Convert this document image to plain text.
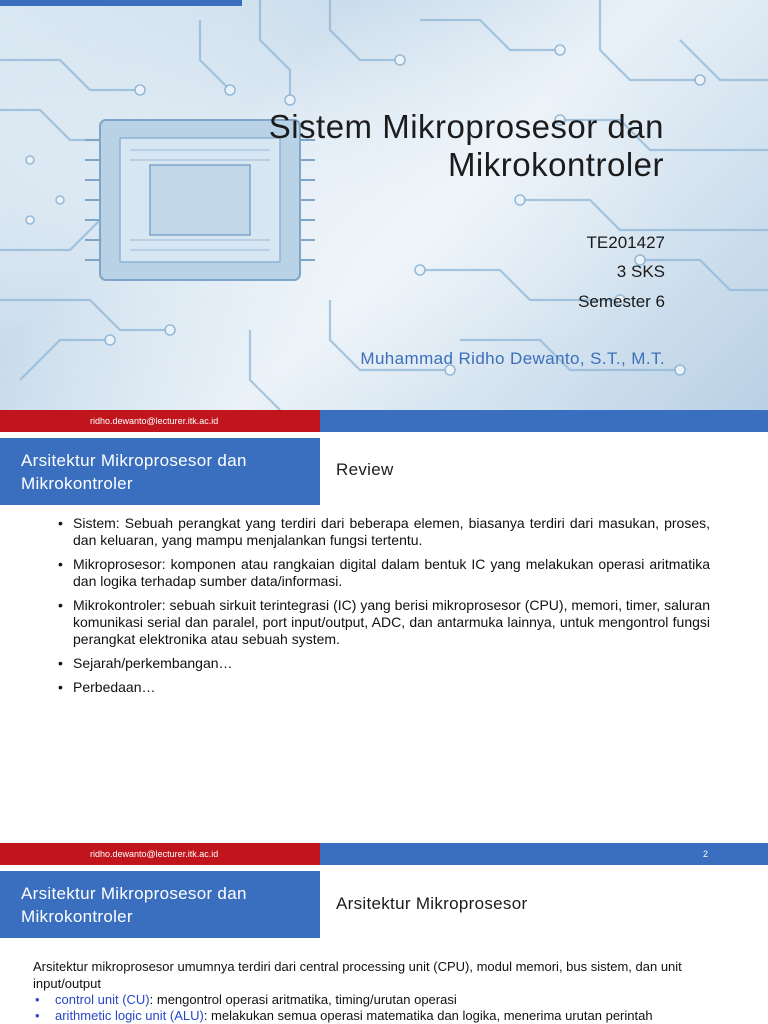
Sistem Mikroprosesor dan
Mikrokontroler
TE201427
3 SKS
Semester 6
Muhammad Ridho Dewanto, S.T., M.T.
ridho.dewanto@lecturer.itk.ac.id
Arsitektur Mikroprosesor dan Mikrokontroler
Review
• Sistem: Sebuah perangkat yang terdiri dari beberapa elemen, biasanya terdiri dari masukan, proses, dan keluaran, yang mampu menjalankan fungsi tertentu.
• Mikroprosesor: komponen atau rangkaian digital dalam bentuk IC yang melakukan operasi aritmatika dan logika terhadap sumber data/informasi.
• Mikrokontroler: sebuah sirkuit terintegrasi (IC) yang berisi mikroprosesor (CPU), memori, timer, saluran komunikasi serial dan paralel, port input/output, ADC, dan antarmuka lainnya, untuk mengontrol fungsi perangkat elektronika atau sebuah system.
• Sejarah/perkembangan…
• Perbedaan…
ridho.dewanto@lecturer.itk.ac.id	2
Arsitektur Mikroprosesor dan Mikrokontroler
Arsitektur Mikroprosesor
Arsitektur mikroprosesor umumnya terdiri dari central processing unit (CPU), modul memori, bus sistem, dan unit input/output
• control unit (CU): mengontrol operasi aritmatika, timing/urutan operasi
• arithmetic logic unit (ALU): melakukan semua operasi matematika dan logika, menerima urutan perintah
